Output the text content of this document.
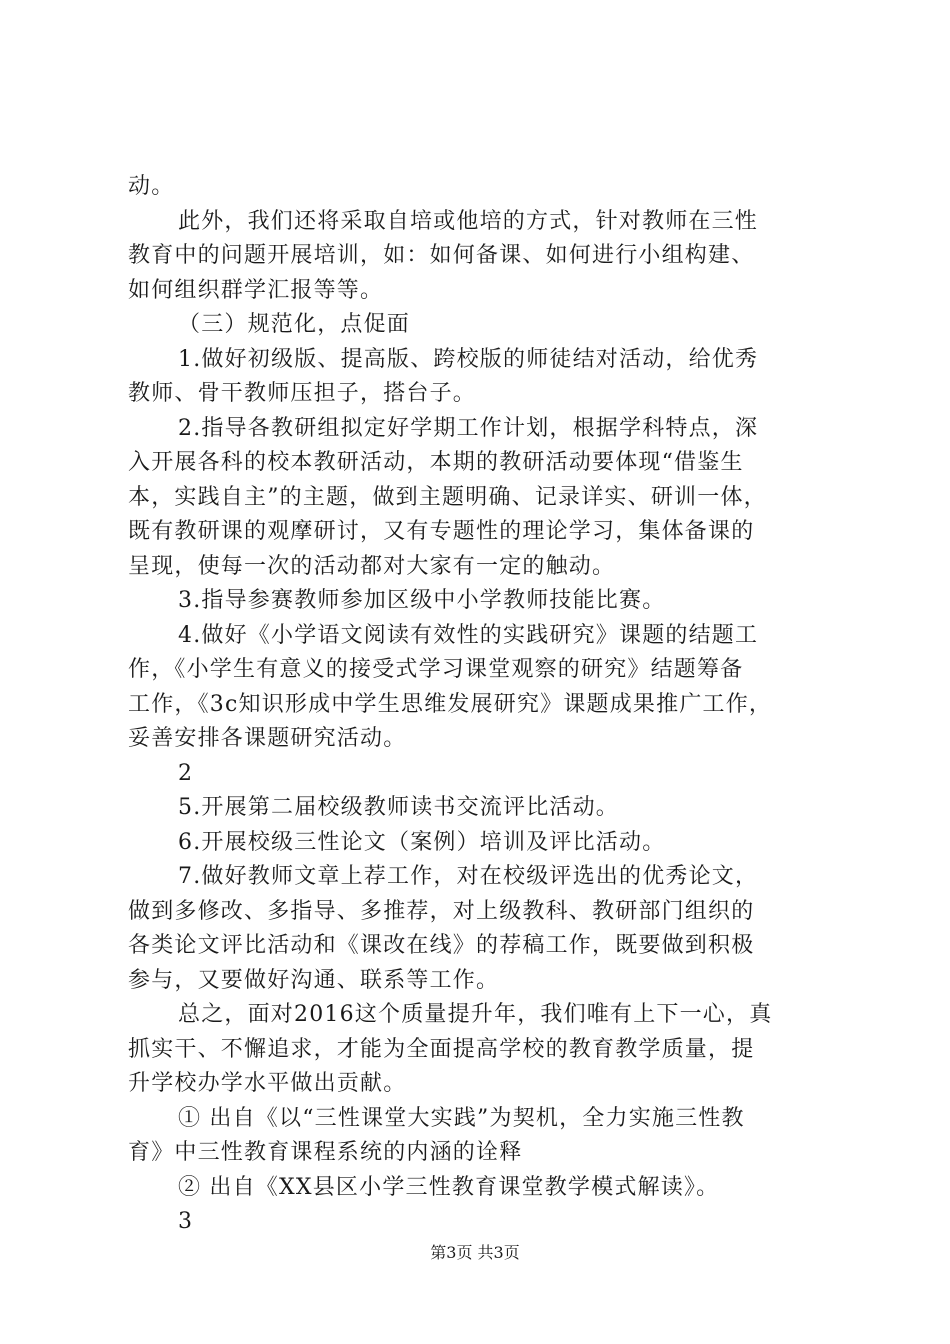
动。
此外，我们还将采取自培或他培的方式，针对教师在三性
教育中的问题开展培训，如：如何备课、如何进行小组构建、
如何组织群学汇报等等。
（三）规范化，点促面
1.做好初级版、提高版、跨校版的师徒结对活动，给优秀
教师、骨干教师压担子，搭台子。
2.指导各教研组拟定好学期工作计划，根据学科特点，深
入开展各科的校本教研活动，本期的教研活动要体现“借鉴生
本，实践自主”的主题，做到主题明确、记录详实、研训一体，
既有教研课的观摩研讨，又有专题性的理论学习，集体备课的
呈现，使每一次的活动都对大家有一定的触动。
3.指导参赛教师参加区级中小学教师技能比赛。
4.做好《小学语文阅读有效性的实践研究》课题的结题工
作，《小学生有意义的接受式学习课堂观察的研究》结题筹备
工作，《3c知识形成中学生思维发展研究》课题成果推广工作，
妥善安排各课题研究活动。
2
5.开展第二届校级教师读书交流评比活动。
6.开展校级三性论文（案例）培训及评比活动。
7.做好教师文章上荐工作，对在校级评选出的优秀论文，
做到多修改、多指导、多推荐，对上级教科、教研部门组织的
各类论文评比活动和《课改在线》的荐稿工作，既要做到积极
参与，又要做好沟通、联系等工作。
总之，面对2016这个质量提升年，我们唯有上下一心，真
抓实干、不懈追求，才能为全面提高学校的教育教学质量，提
升学校办学水平做出贡献。
① 出自《以“三性课堂大实践”为契机，全力实施三性教
育》中三性教育课程系统的内涵的诠释
② 出自《XX县区小学三性教育课堂教学模式解读》。
3
第3页 共3页
